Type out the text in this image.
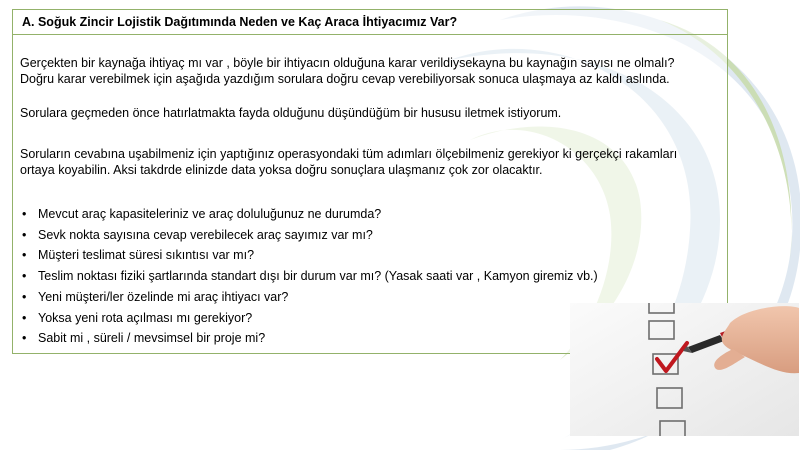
A. Soğuk Zincir Lojistik Dağıtımında Neden ve Kaç Araca İhtiyacımız Var?

Gerçekten bir kaynağa ihtiyaç mı var , böyle bir ihtiyacın olduğuna karar verildiysekayna bu kaynağın sayısı ne olmalı? Doğru karar verebilmek için aşağıda yazdığım sorulara doğru cevap verebiliyorsak sonuca ulaşmaya az kaldı aslında.

Sorulara geçmeden önce hatırlatmakta fayda olduğunu düşündüğüm bir hususu iletmek istiyorum.

Soruların cevabına uşabilmeniz için yaptığınız operasyondaki tüm adımları ölçebilmeniz gerekiyor ki gerçekçi rakamları ortaya koyabilin. Aksi takdrde elinizde data yoksa doğru sonuçlara ulaşmanız çok zor olacaktır.

• Mevcut araç kapasiteleriniz ve araç doluluğunuz ne durumda?
• Sevk nokta sayısına cevap verebilecek araç sayımız var mı?
• Müşteri teslimat süresi sıkıntısı var mı?
• Teslim noktası fiziki şartlarında standart dışı bir durum var mı? (Yasak saati var , Kamyon giremiz vb.)
• Yeni müşteri/ler özelinde mi araç ihtiyacı var?
• Yoksa yeni rota açılması mı gerekiyor?
• Sabit mi , süreli / mevsimsel bir proje mi?
